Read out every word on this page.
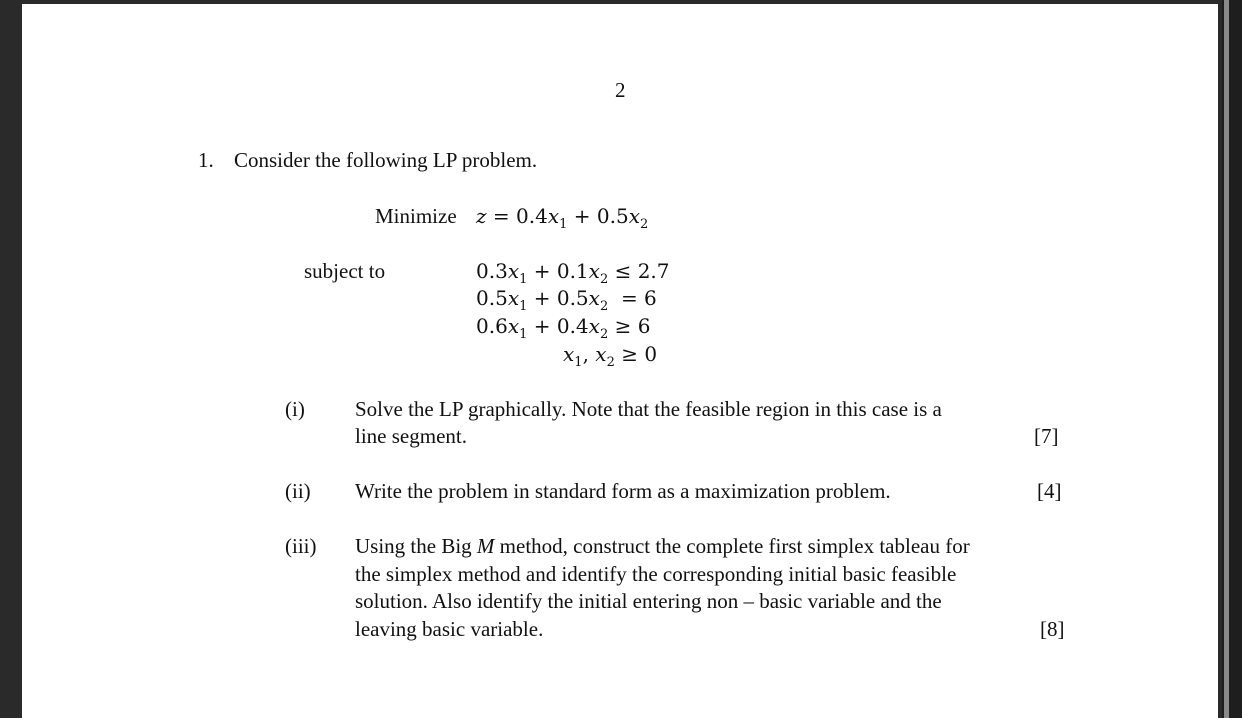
2
1. Consider the following LP problem.
Minimize $z = 0.4x_1 + 0.5x_2$
subject to	$0.3x_1 + 0.1x_2 \le 2.7$
$0.5x_1 + 0.5x_2 = 6$
$0.6x_1 + 0.4x_2 \ge 6$
$x_1$, $x_2 \ge 0$
(i) Solve the LP graphically. Note that the feasible region in this case is a
line segment.	[7]
(ii) Write the problem in standard form as a maximization problem.	[4]
(iii) Using the Big M method, construct the complete first simplex tableau for
the simplex method and identify the corresponding initial basic feasible
solution. Also identify the initial entering non – basic variable and the
leaving basic variable.	[8]
